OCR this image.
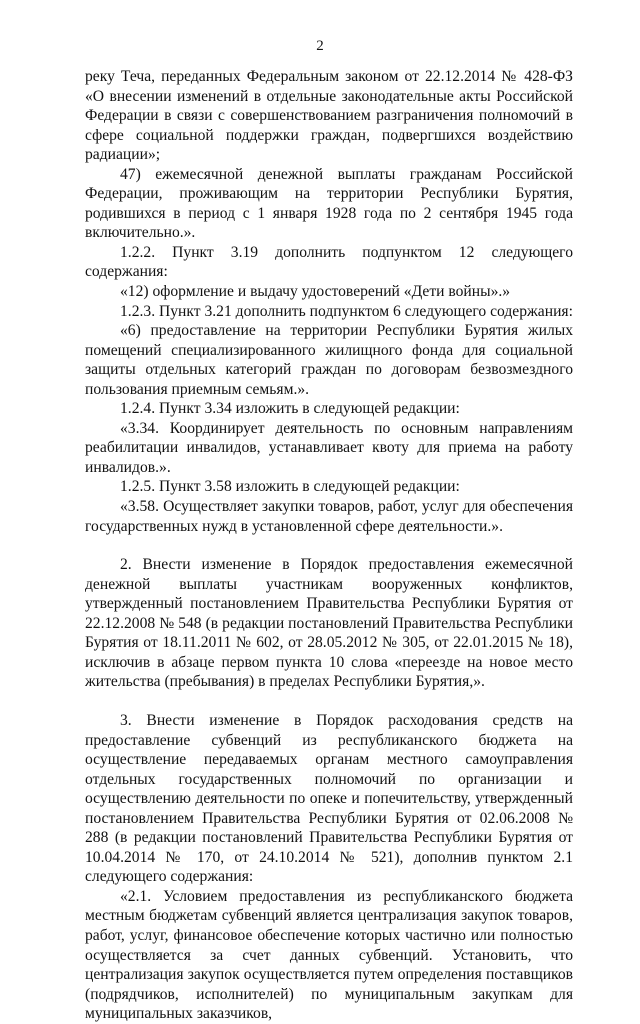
2

реку Теча, переданных Федеральным законом от 22.12.2014 № 428-ФЗ «О внесении изменений в отдельные законодательные акты Российской Федерации в связи с совершенствованием разграничения полномочий в сфере социальной поддержки граждан, подвергшихся воздействию радиации»;

47) ежемесячной денежной выплаты гражданам Российской Федерации, проживающим на территории Республики Бурятия, родившихся в период с 1 января 1928 года по 2 сентября 1945 года включительно.».

1.2.2. Пункт 3.19 дополнить подпунктом 12 следующего содержания:

«12) оформление и выдачу удостоверений «Дети войны».»

1.2.3. Пункт 3.21 дополнить подпунктом 6 следующего содержания:

«6) предоставление на территории Республики Бурятия жилых помещений специализированного жилищного фонда для социальной защиты отдельных категорий граждан по договорам безвозмездного пользования приемным семьям.».

1.2.4. Пункт 3.34 изложить в следующей редакции:

«3.34. Координирует деятельность по основным направлениям реабилитации инвалидов, устанавливает квоту для приема на работу инвалидов.».

1.2.5. Пункт 3.58 изложить в следующей редакции:

«3.58. Осуществляет закупки товаров, работ, услуг для обеспечения государственных нужд в установленной сфере деятельности.».

2. Внести изменение в Порядок предоставления ежемесячной денежной выплаты участникам вооруженных конфликтов, утвержденный постановлением Правительства Республики Бурятия от 22.12.2008 № 548 (в редакции постановлений Правительства Республики Бурятия от 18.11.2011 № 602, от 28.05.2012 № 305, от 22.01.2015 № 18), исключив в абзаце первом пункта 10 слова «переезде на новое место жительства (пребывания) в пределах Республики Бурятия,».

3. Внести изменение в Порядок расходования средств на предоставление субвенций из республиканского бюджета на осуществление передаваемых органам местного самоуправления отдельных государственных полномочий по организации и осуществлению деятельности по опеке и попечительству, утвержденный постановлением Правительства Республики Бурятия от 02.06.2008 № 288 (в редакции постановлений Правительства Республики Бурятия от 10.04.2014 № 170, от 24.10.2014 № 521), дополнив пунктом 2.1 следующего содержания:

«2.1. Условием предоставления из республиканского бюджета местным бюджетам субвенций является централизация закупок товаров, работ, услуг, финансовое обеспечение которых частично или полностью осуществляется за счет данных субвенций. Установить, что централизация закупок осуществляется путем определения поставщиков (подрядчиков, исполнителей) по муниципальным закупкам для муниципальных заказчиков,
